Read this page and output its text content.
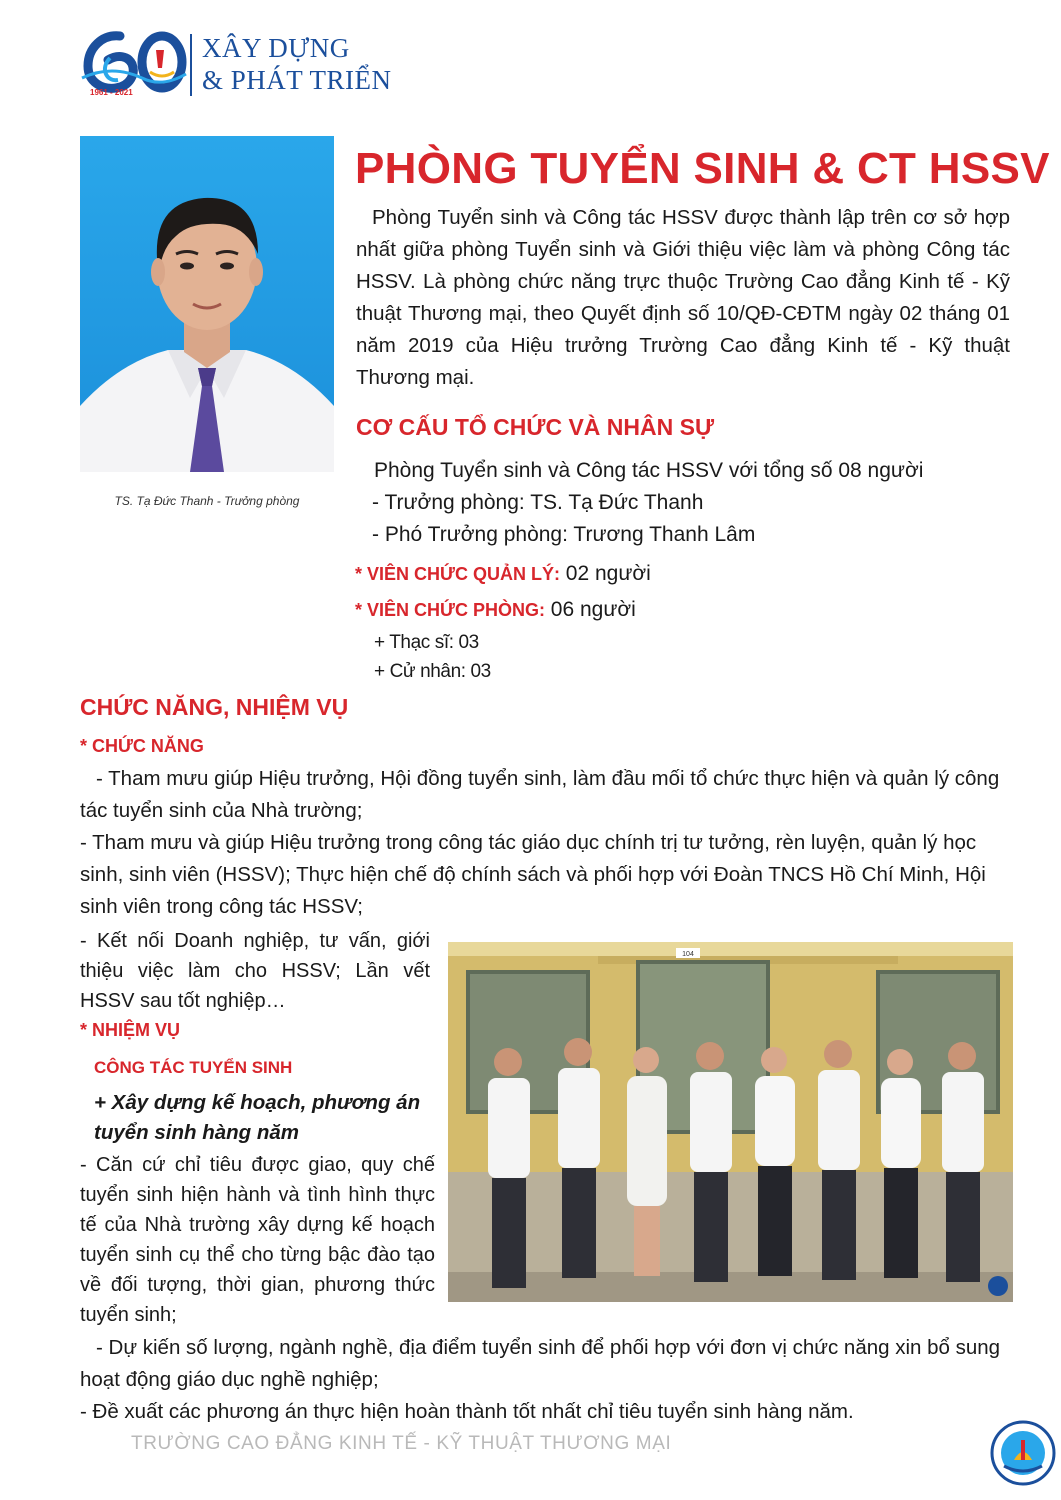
1961 - 2021
XÂY DỰNG
& PHÁT TRIỂN
TS. Tạ Đức Thanh - Trưởng phòng
PHÒNG TUYỂN SINH & CT HSSV
Phòng Tuyển sinh và Công tác HSSV được thành lập trên cơ sở hợp nhất giữa phòng Tuyển sinh và Giới thiệu việc làm và phòng Công tác HSSV. Là phòng chức năng trực thuộc Trường Cao đẳng Kinh tế - Kỹ thuật Thương mại, theo Quyết định số 10/QĐ-CĐTM ngày 02 tháng 01 năm 2019 của Hiệu trưởng Trường Cao đẳng Kinh tế - Kỹ thuật Thương mại.
CƠ CẤU TỔ CHỨC VÀ NHÂN SỰ
Phòng Tuyển sinh và Công tác HSSV với tổng số 08 người
- Trưởng phòng: TS. Tạ Đức Thanh
- Phó Trưởng phòng: Trương Thanh Lâm
* VIÊN CHỨC QUẢN LÝ: 02 người
* VIÊN CHỨC PHÒNG: 06 người
+ Thạc sĩ: 03
+ Cử nhân: 03
CHỨC NĂNG, NHIỆM VỤ
* CHỨC NĂNG
- Tham mưu giúp Hiệu trưởng, Hội đồng tuyển sinh, làm đầu mối tổ chức thực hiện và quản lý công tác tuyển sinh của Nhà trường;
- Tham mưu và giúp Hiệu trưởng trong công tác giáo dục chính trị tư tưởng, rèn luyện, quản lý học sinh, sinh viên (HSSV); Thực hiện chế độ chính sách và phối hợp với Đoàn TNCS Hồ Chí Minh, Hội sinh viên trong công tác HSSV;
- Kết nối Doanh nghiệp, tư vấn, giới thiệu việc làm cho HSSV; Lần vết HSSV sau tốt nghiệp…
* NHIỆM VỤ
CÔNG TÁC TUYỂN SINH
+ Xây dựng kế hoạch, phương án tuyển sinh hàng năm
- Căn cứ chỉ tiêu được giao, quy chế tuyển sinh hiện hành và tình hình thực tế của Nhà trường xây dựng kế hoạch tuyển sinh cụ thể cho từng bậc đào tạo về đối tượng, thời gian, phương thức tuyển sinh;
- Dự kiến số lượng, ngành nghề, địa điểm tuyển sinh để phối hợp với đơn vị chức năng xin bổ sung hoạt động giáo dục nghề nghiệp;
- Đề xuất các phương án thực hiện hoàn thành tốt nhất chỉ tiêu tuyển sinh hàng năm.
104
TRƯỜNG CAO ĐẲNG KINH TẾ - KỸ THUẬT THƯƠNG MẠI
